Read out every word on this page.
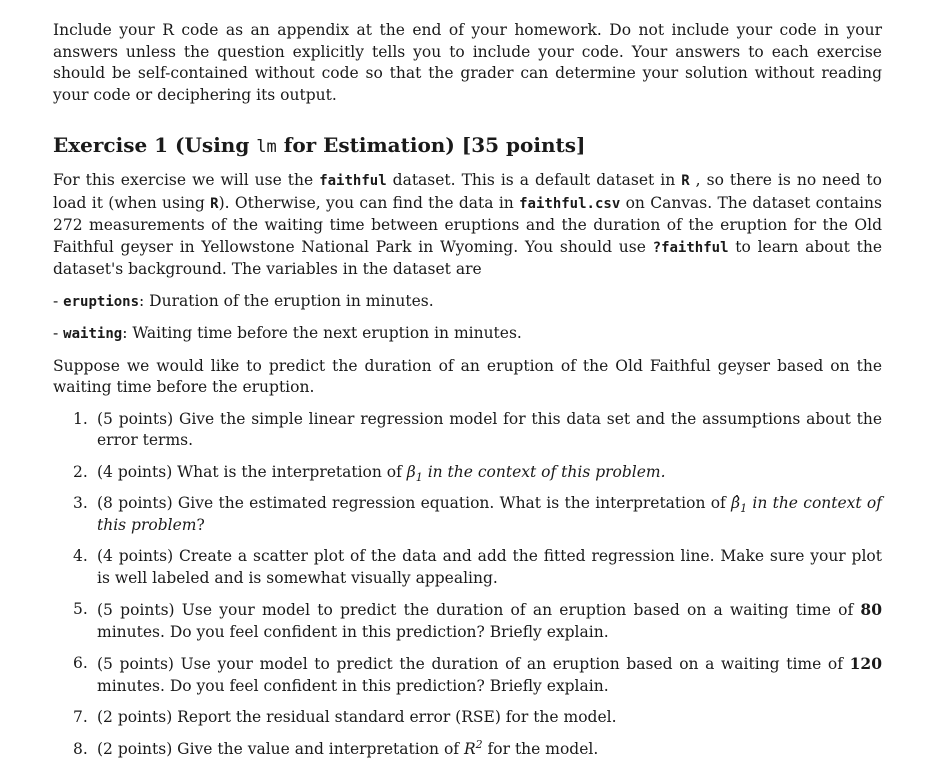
Include your R code as an appendix at the end of your homework. Do not include your code in your answers unless the question explicitly tells you to include your code. Your answers to each exercise should be self-contained without code so that the grader can determine your solution without reading your code or deciphering its output.

Exercise 1 (Using lm for Estimation) [35 points]

For this exercise we will use the faithful dataset. This is a default dataset in R , so there is no need to load it (when using R). Otherwise, you can find the data in faithful.csv on Canvas. The dataset contains 272 measurements of the waiting time between eruptions and the duration of the eruption for the Old Faithful geyser in Yellowstone National Park in Wyoming. You should use ?faithful to learn about the dataset's background. The variables in the dataset are

- eruptions: Duration of the eruption in minutes.

- waiting: Waiting time before the next eruption in minutes.

Suppose we would like to predict the duration of an eruption of the Old Faithful geyser based on the waiting time before the eruption.

1. (5 points) Give the simple linear regression model for this data set and the assumptions about the error terms.
2. (4 points) What is the interpretation of $\beta_1$ in the context of this problem.
3. (8 points) Give the estimated regression equation. What is the interpretation of $\betâ_1$ in the context of this problem?
4. (4 points) Create a scatter plot of the data and add the fitted regression line. Make sure your plot is well labeled and is somewhat visually appealing.
5. (5 points) Use your model to predict the duration of an eruption based on a waiting time of 80 minutes. Do you feel confident in this prediction? Briefly explain.
6. (5 points) Use your model to predict the duration of an eruption based on a waiting time of 120 minutes. Do you feel confident in this prediction? Briefly explain.
7. (2 points) Report the residual standard error (RSE) for the model.
8. (2 points) Give the value and interpretation of $R^2$ for the model.
